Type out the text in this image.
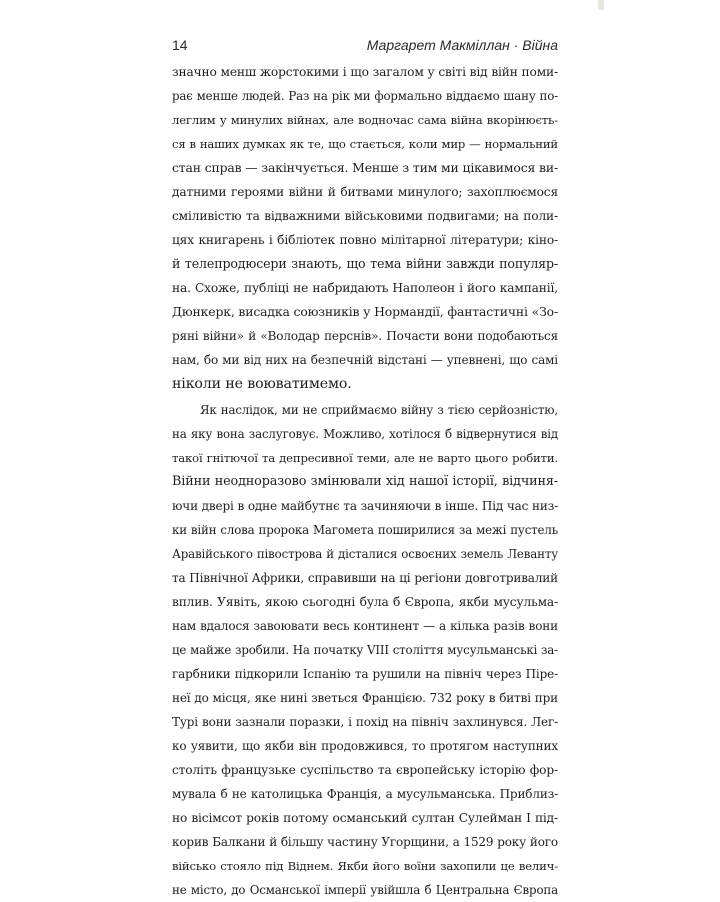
14	Маргарет Макміллан · Війна
значно менш жорстокими і що загалом у світі від війн поми-
рає менше людей. Раз на рік ми формально віддаємо шану по-
леглим у минулих війнах, але водночас сама війна вкорінюєть-
ся в наших думках як те, що стається, коли мир — нормальний
стан справ — закінчується. Менше з тим ми цікавимося ви-
датними героями війни й битвами минулого; захоплюємося
сміливістю та відважними військовими подвигами; на поли-
цях книгарень і бібліотек повно мілітарної літератури; кіно-
й телепродюсери знають, що тема війни завжди популяр-
на. Схоже, публіці не набридають Наполеон і його кампанії,
Дюнкерк, висадка союзників у Нормандії, фантастичні «Зо-
ряні війни» й «Володар перснів». Почасти вони подобаються
нам, бо ми від них на безпечній відстані — упевнені, що самі
ніколи не воюватимемо.
Як наслідок, ми не сприймаємо війну з тією серйозністю,
на яку вона заслуговує. Можливо, хотілося б відвернутися від
такої гнітючої та депресивної теми, але не варто цього робити.
Війни неодноразово змінювали хід нашої історії, відчиня-
ючи двері в одне майбутнє та зачиняючи в інше. Під час низ-
ки війн слова пророка Магомета поширилися за межі пустель
Аравійського півострова й дісталися освоєних земель Леванту
та Північної Африки, справивши на ці регіони довготривалий
вплив. Уявіть, якою сьогодні була б Європа, якби мусульма-
нам вдалося завоювати весь континент — а кілька разів вони
це майже зробили. На початку VIII століття мусульманські за-
гарбники підкорили Іспанію та рушили на північ через Піре-
неї до місця, яке нині зветься Францією. 732 року в битві при
Турі вони зазнали поразки, і похід на північ захлинувся. Лег-
ко уявити, що якби він продовжився, то протягом наступних
століть французьке суспільство та європейську історію фор-
мувала б не католицька Франція, а мусульманська. Приблиз-
но вісімсот років потому османський султан Сулейман І під-
корив Балкани й більшу частину Угорщини, а 1529 року його
військо стояло під Віднем. Якби його воїни захопили це велич-
не місто, до Османської імперії увійшла б Центральна Європа
